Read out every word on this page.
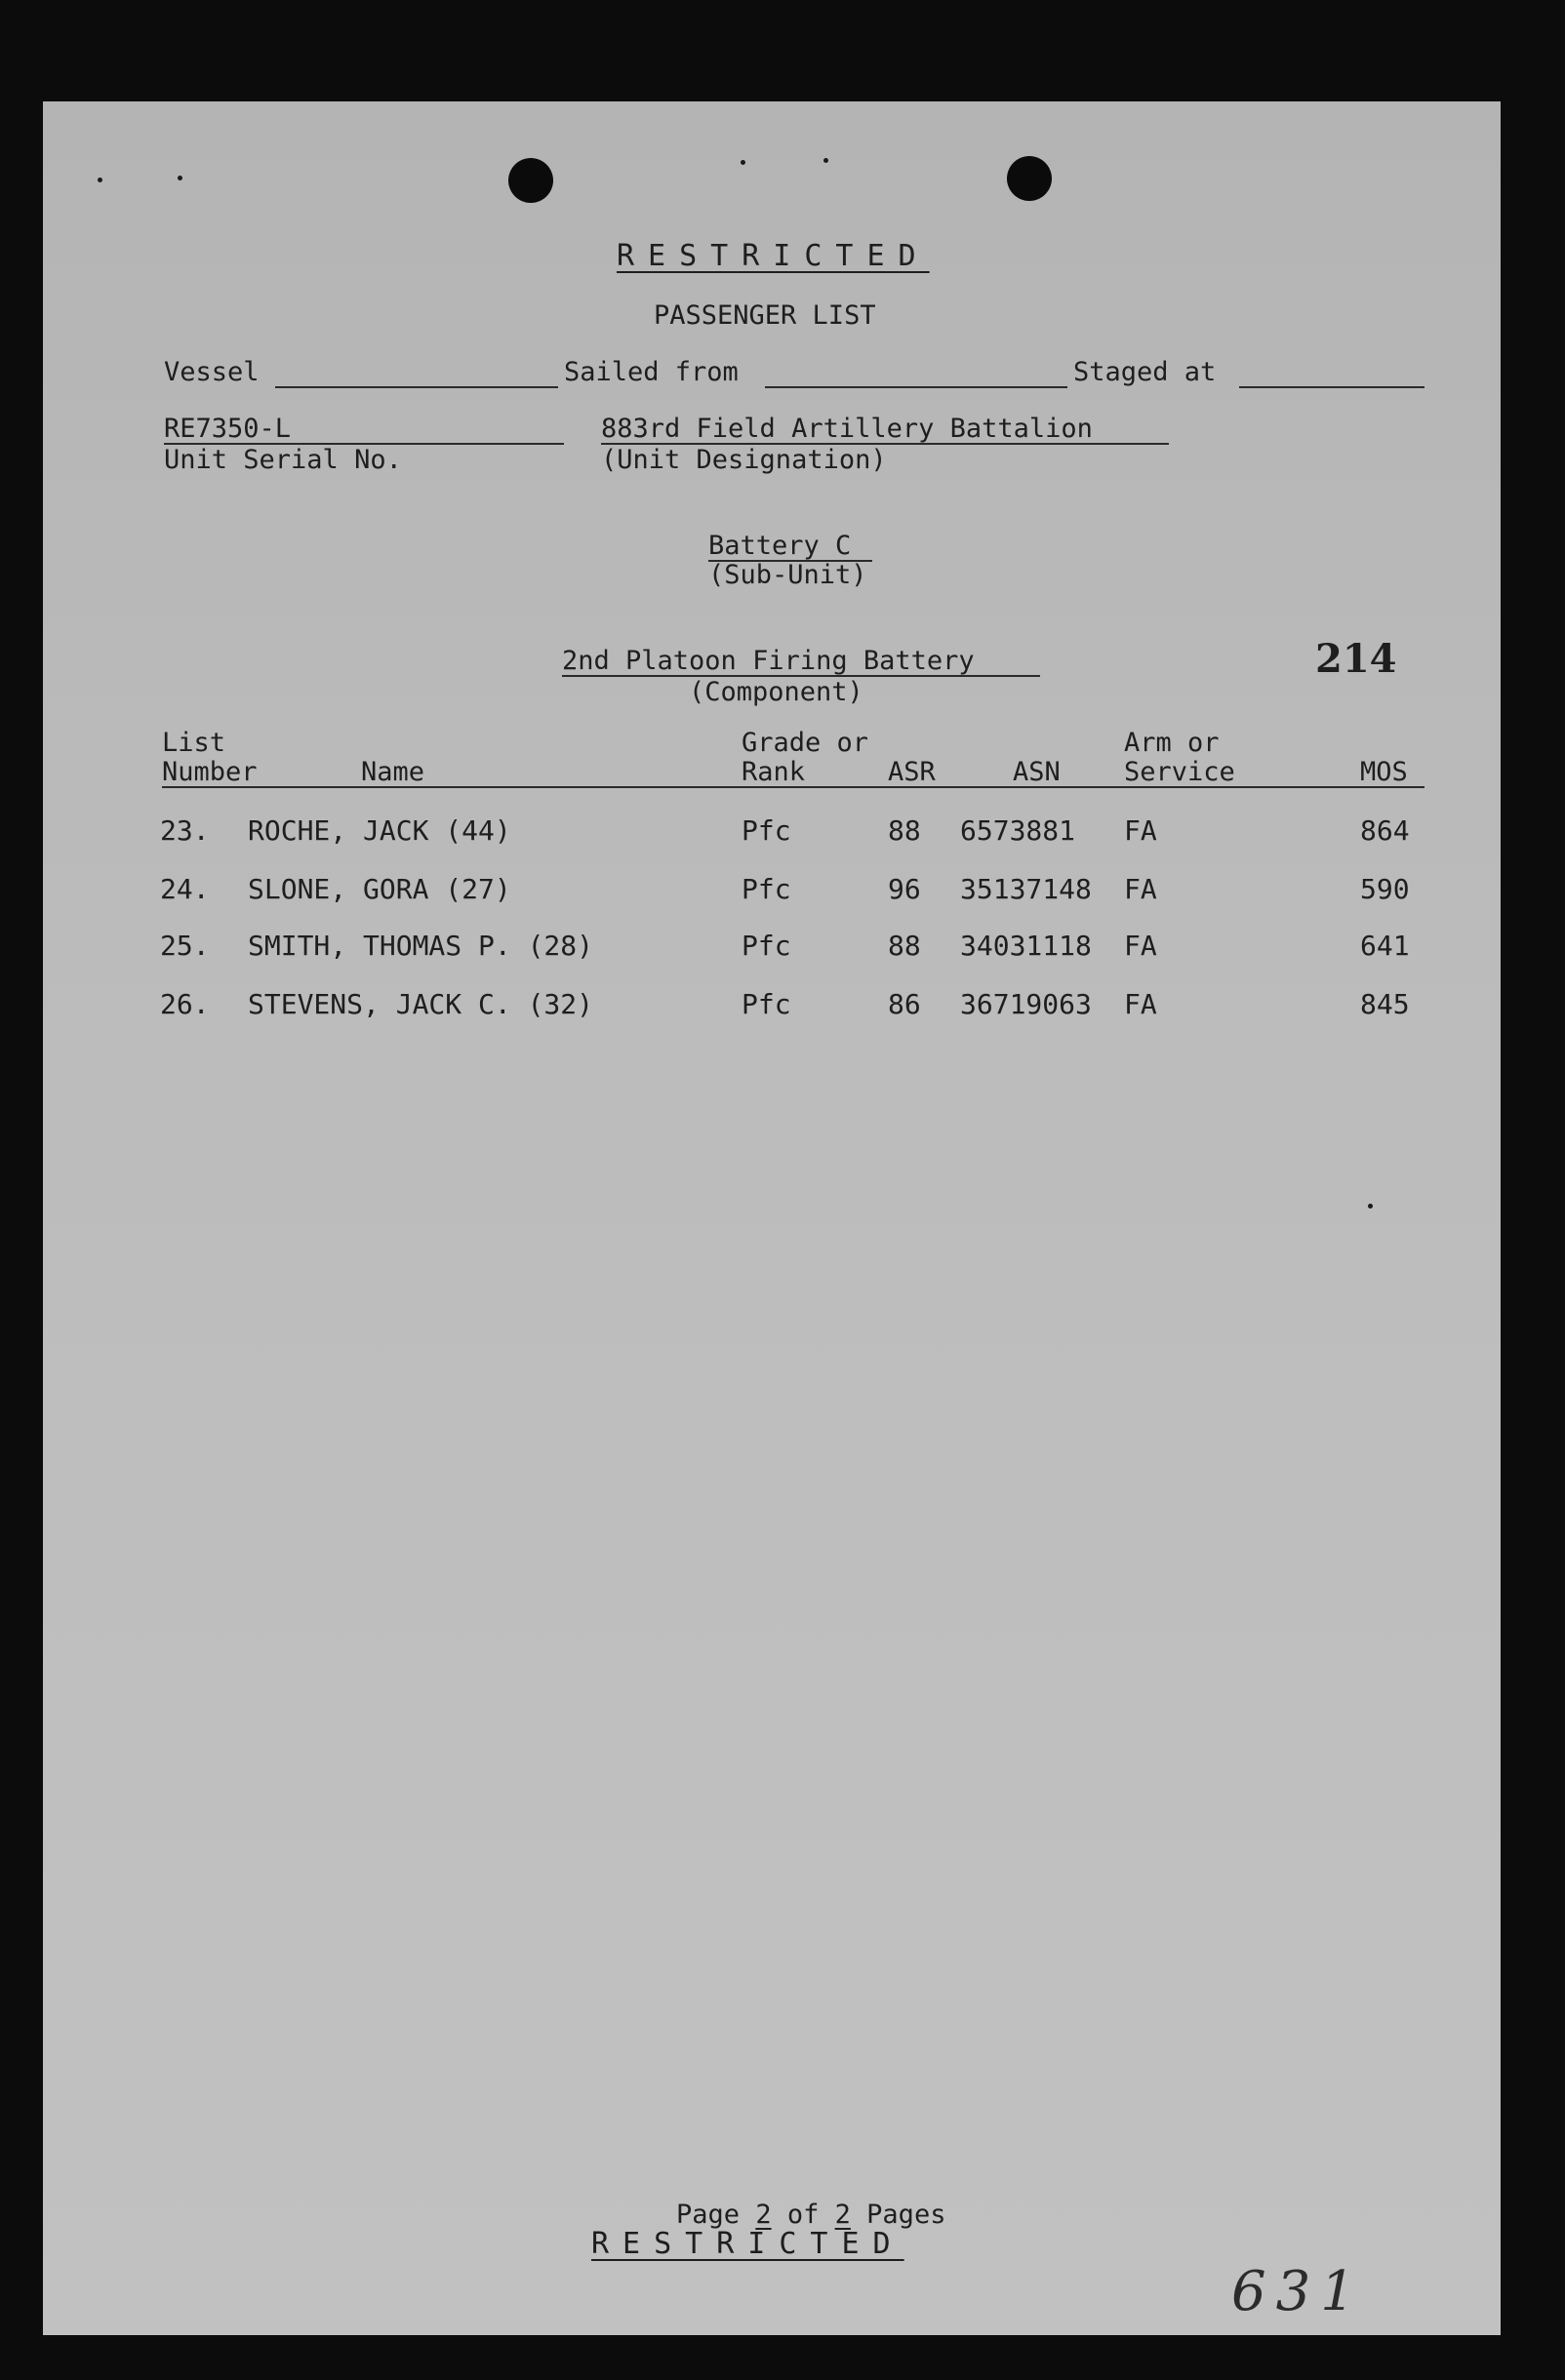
RESTRICTED
PASSENGER LIST
Vessel	Sailed from	Staged at
RE7350-L
Unit Serial No.
883rd Field Artillery Battalion
(Unit Designation)
Battery C
(Sub-Unit)
2nd Platoon Firing Battery
(Component)
214
List
Number	Name
Grade or
Rank	ASR	ASN
Arm or
Service	MOS
23. ROCHE, JACK (44)	Pfc	88 6573881 FA	864
24. SLONE, GORA (27)	Pfc	96 35137148 FA	590
25. SMITH, THOMAS P. (28)	Pfc	88 34031118 FA	641
26. STEVENS, JACK C. (32)	Pfc	86 36719063 FA	845

Page 2 of 2 Pages

RESTRICTED
631
